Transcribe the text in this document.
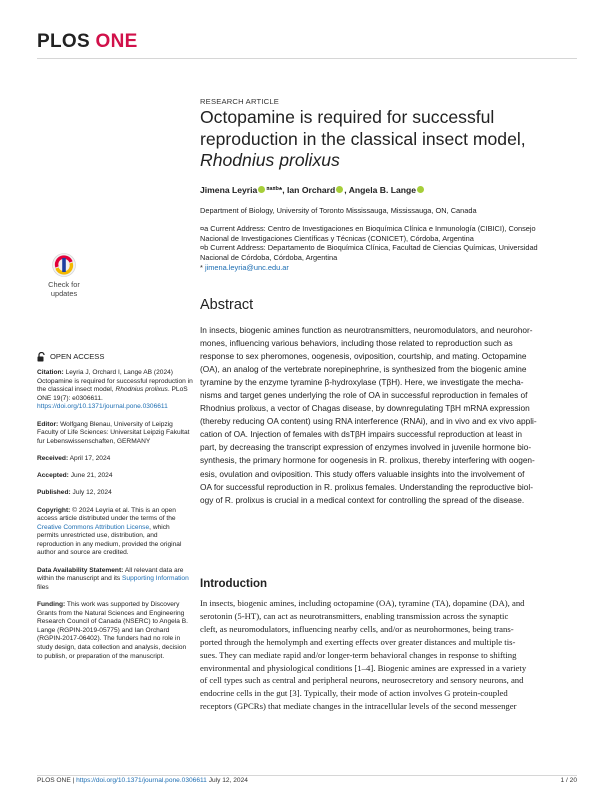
PLOS ONE
Check for
updates

OPEN ACCESS

Citation: Leyria J, Orchard I, Lange AB (2024) Octopamine is required for successful reproduction in the classical insect model, Rhodnius prolixus. PLoS ONE 19(7): e0306611. https://doi.org/10.1371/journal.pone.0306611

Editor: Wolfgang Blenau, University of Leipzig Faculty of Life Sciences: Universitat Leipzig Fakultat fur Lebenswissenschaften, GERMANY

Received: April 17, 2024

Accepted: June 21, 2024

Published: July 12, 2024

Copyright: © 2024 Leyria et al. This is an open access article distributed under the terms of the Creative Commons Attribution License, which permits unrestricted use, distribution, and reproduction in any medium, provided the original author and source are credited.

Data Availability Statement: All relevant data are within the manuscript and its Supporting Information files

Funding: This work was supported by Discovery Grants from the Natural Sciences and Engineering Research Council of Canada (NSERC) to Angela B. Lange (RGPIN-2019-05775) and Ian Orchard (RGPIN-2017-06402). The funders had no role in study design, data collection and analysis, decision to publish, or preparation of the manuscript.

RESEARCH ARTICLE
Octopamine is required for successful
reproduction in the classical insect model,
Rhodnius prolixus
Jimena Leyria $^{¤a¤b}$*, Ian Orchard , Angela B. Lange
Department of Biology, University of Toronto Mississauga, Mississauga, ON, Canada
¤a Current Address: Centro de Investigaciones en Bioquímica Clínica e Inmunología (CIBICI), Consejo
Nacional de Investigaciones Científicas y Técnicas (CONICET), Córdoba, Argentina
¤b Current Address: Departamento de Bioquímica Clínica, Facultad de Ciencias Químicas, Universidad
Nacional de Córdoba, Córdoba, Argentina
* jimena.leyria@unc.edu.ar
Abstract
In insects, biogenic amines function as neurotransmitters, neuromodulators, and neurohor-
mones, influencing various behaviors, including those related to reproduction such as
response to sex pheromones, oogenesis, oviposition, courtship, and mating. Octopamine
(OA), an analog of the vertebrate norepinephrine, is synthesized from the biogenic amine
tyramine by the enzyme tyramine β-hydroxylase (TβH). Here, we investigate the mecha-
nisms and target genes underlying the role of OA in successful reproduction in females of
Rhodnius prolixus, a vector of Chagas disease, by downregulating TβH mRNA expression
(thereby reducing OA content) using RNA interference (RNAi), and in vivo and ex vivo appli-
cation of OA. Injection of females with dsTβH impairs successful reproduction at least in
part, by decreasing the transcript expression of enzymes involved in juvenile hormone bio-
synthesis, the primary hormone for oogenesis in R. prolixus, thereby interfering with oogen-
esis, ovulation and oviposition. This study offers valuable insights into the involvement of
OA for successful reproduction in R. prolixus females. Understanding the reproductive biol-
ogy of R. prolixus is crucial in a medical context for controlling the spread of the disease.
Introduction
In insects, biogenic amines, including octopamine (OA), tyramine (TA), dopamine (DA), and
serotonin (5-HT), can act as neurotransmitters, enabling transmission across the synaptic
cleft, as neuromodulators, influencing nearby cells, and/or as neurohormones, being trans-
ported through the hemolymph and exerting effects over greater distances and multiple tis-
sues. They can mediate rapid and/or longer-term behavioral changes in response to shifting
environmental and physiological conditions [1–4]. Biogenic amines are expressed in a variety
of cell types such as central and peripheral neurons, neurosecretory and sensory neurons, and
endocrine cells in the gut [3]. Typically, their mode of action involves G protein-coupled
receptors (GPCRs) that mediate changes in the intracellular levels of the second messenger
PLOS ONE | https://doi.org/10.1371/journal.pone.0306611 July 12, 2024	1 / 20
